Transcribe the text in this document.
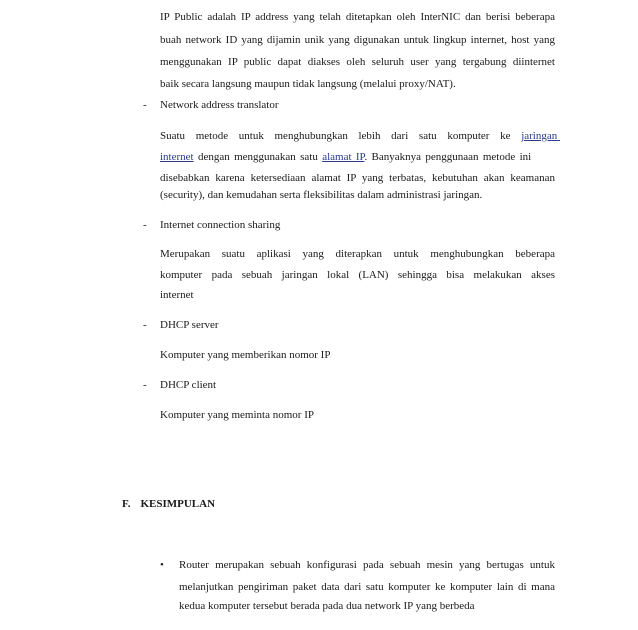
IP Public adalah IP address yang telah ditetapkan oleh InterNIC dan berisi beberapa
buah network ID yang dijamin unik yang digunakan untuk lingkup internet, host yang
menggunakan IP public dapat diakses oleh seluruh user yang tergabung diinternet
baik secara langsung maupun tidak langsung (melalui proxy/NAT).
- Network address translator
Suatu metode untuk menghubungkan lebih dari satu komputer ke jaringan
internet dengan menggunakan satu alamat IP. Banyaknya penggunaan metode ini
disebabkan karena ketersediaan alamat IP yang terbatas, kebutuhan akan keamanan
(security), dan kemudahan serta fleksibilitas dalam administrasi jaringan.
- Internet connection sharing
Merupakan suatu aplikasi yang diterapkan untuk menghubungkan beberapa
komputer pada sebuah jaringan lokal (LAN) sehingga bisa melakukan akses
internet
- DHCP server
Komputer yang memberikan nomor IP
- DHCP client
Komputer yang meminta nomor IP
F. KESIMPULAN
• Router merupakan sebuah konfigurasi pada sebuah mesin yang bertugas untuk
melanjutkan pengiriman paket data dari satu komputer ke komputer lain di mana
kedua komputer tersebut berada pada dua network IP yang berbeda
